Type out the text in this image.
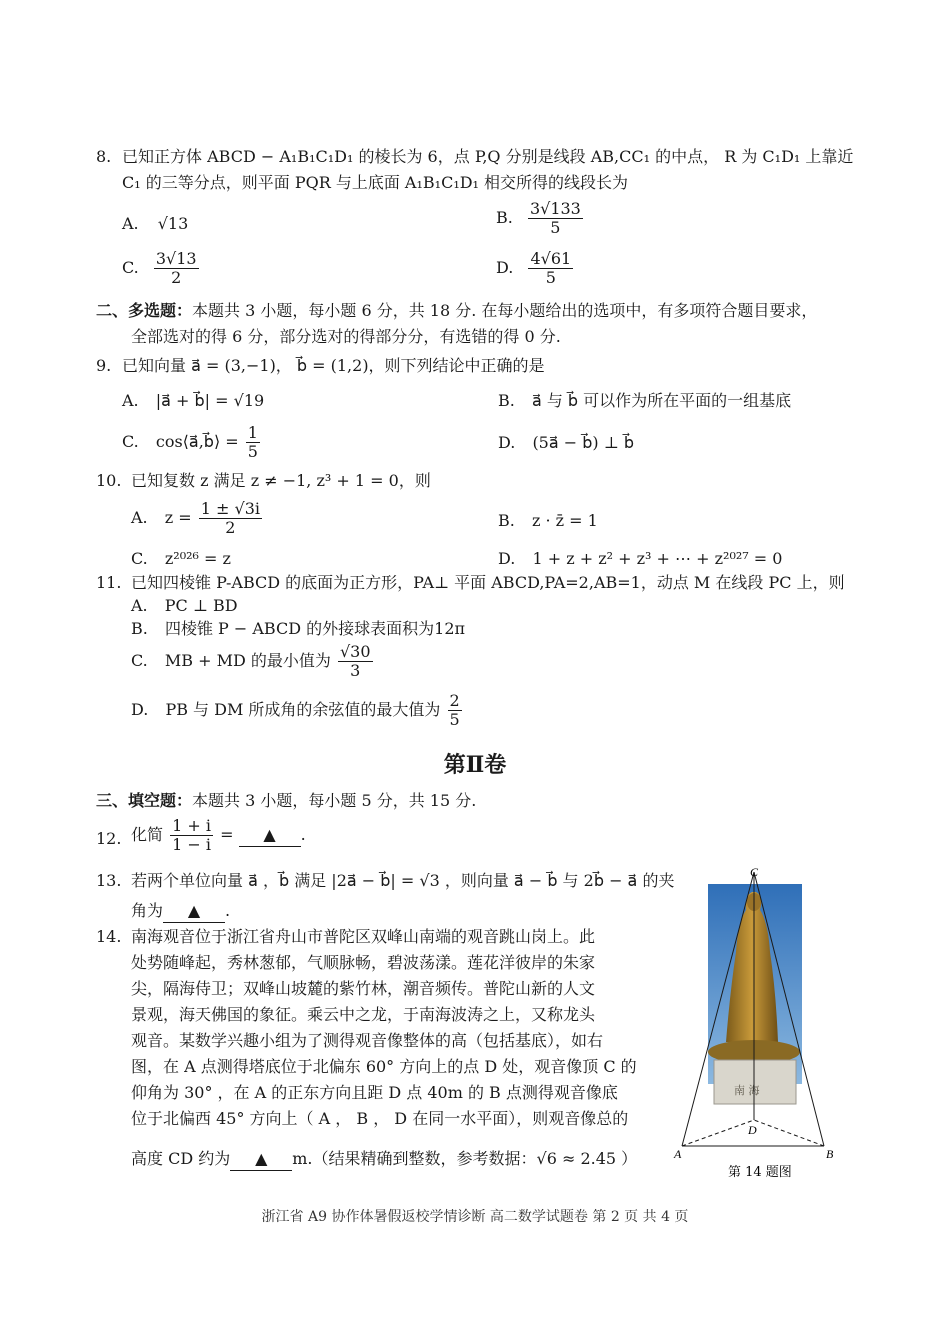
8. 已知正方体 ABCD − A₁B₁C₁D₁ 的棱长为 6，点 P,Q 分别是线段 AB,CC₁ 的中点， R 为 C₁D₁ 上靠近
C₁ 的三等分点，则平面 PQR 与上底面 A₁B₁C₁D₁ 相交所得的线段长为
A. √13	B. $\frac{3√133}{5}$
C. $\frac{3√13}{2}$	D. $\frac{4√61}{5}$
二、多选题：本题共 3 小题，每小题 6 分，共 18 分. 在每小题给出的选项中，有多项符合题目要求，
全部选对的得 6 分，部分选对的得部分分，有选错的得 0 分.
9. 已知向量 a⃗ = (3,−1)， b⃗ = (1,2)，则下列结论中正确的是
A. |a⃗ + b⃗| = √19	B. a⃗ 与 b⃗ 可以作为所在平面的一组基底
C. cos⟨a⃗,b⃗⟩ = $\frac{1}{5}$	D. (5a⃗ − b⃗) ⊥ b⃗
10. 已知复数 z 满足 z ≠ −1, z³ + 1 = 0，则
A. $z = \frac{1 \pm √3i}{2}$	B. z · z̄ = 1
C. z²⁰²⁶ = z	D. 1 + z + z² + z³ + ⋯ + z²⁰²⁷ = 0
11. 已知四棱锥 P-ABCD 的底面为正方形，PA⊥ 平面 ABCD,PA=2,AB=1，动点 M 在线段 PC 上，则
A. PC ⊥ BD
B. 四棱锥 P − ABCD 的外接球表面积为12π
C. MB + MD 的最小值为 $\frac{√30}{3}$
D. PB 与 DM 所成角的余弦值的最大值为 $\frac{2}{5}$
第Ⅱ卷
三、填空题：本题共 3 小题，每小题 5 分，共 15 分.
12. 化简 $\frac{1 + i}{1 - i}$ = ▲ .
13. 若两个单位向量 a⃗ ，b⃗ 满足 |2a⃗ − b⃗| = √3 ，则向量 a⃗ − b⃗ 与 2b⃗ − a⃗ 的夹
角为 ▲ .
14. 南海观音位于浙江省舟山市普陀区双峰山南端的观音跳山岗上。此
处势随峰起，秀林葱郁，气顺脉畅，碧波荡漾。莲花洋彼岸的朱家
尖，隔海侍卫；双峰山坡麓的紫竹林，潮音频传。普陀山新的人文
景观，海天佛国的象征。乘云中之龙，于南海波涛之上，又称龙头
观音。某数学兴趣小组为了测得观音像整体的高（包括基底），如右
图，在 A 点测得塔底位于北偏东 60° 方向上的点 D 处，观音像顶 C 的
仰角为 30° ，在 A 的正东方向且距 D 点 40m 的 B 点测得观音像底
位于北偏西 45° 方向上（ A ， B ， D 在同一水平面），则观音像总的
高度 CD 约为 ▲ m.（结果精确到整数，参考数据：√6 ≈ 2.45 ）
南 海
C
D
A	B
第 14 题图
浙江省 A9 协作体暑假返校学情诊断 高二数学试题卷 第 2 页 共 4 页
